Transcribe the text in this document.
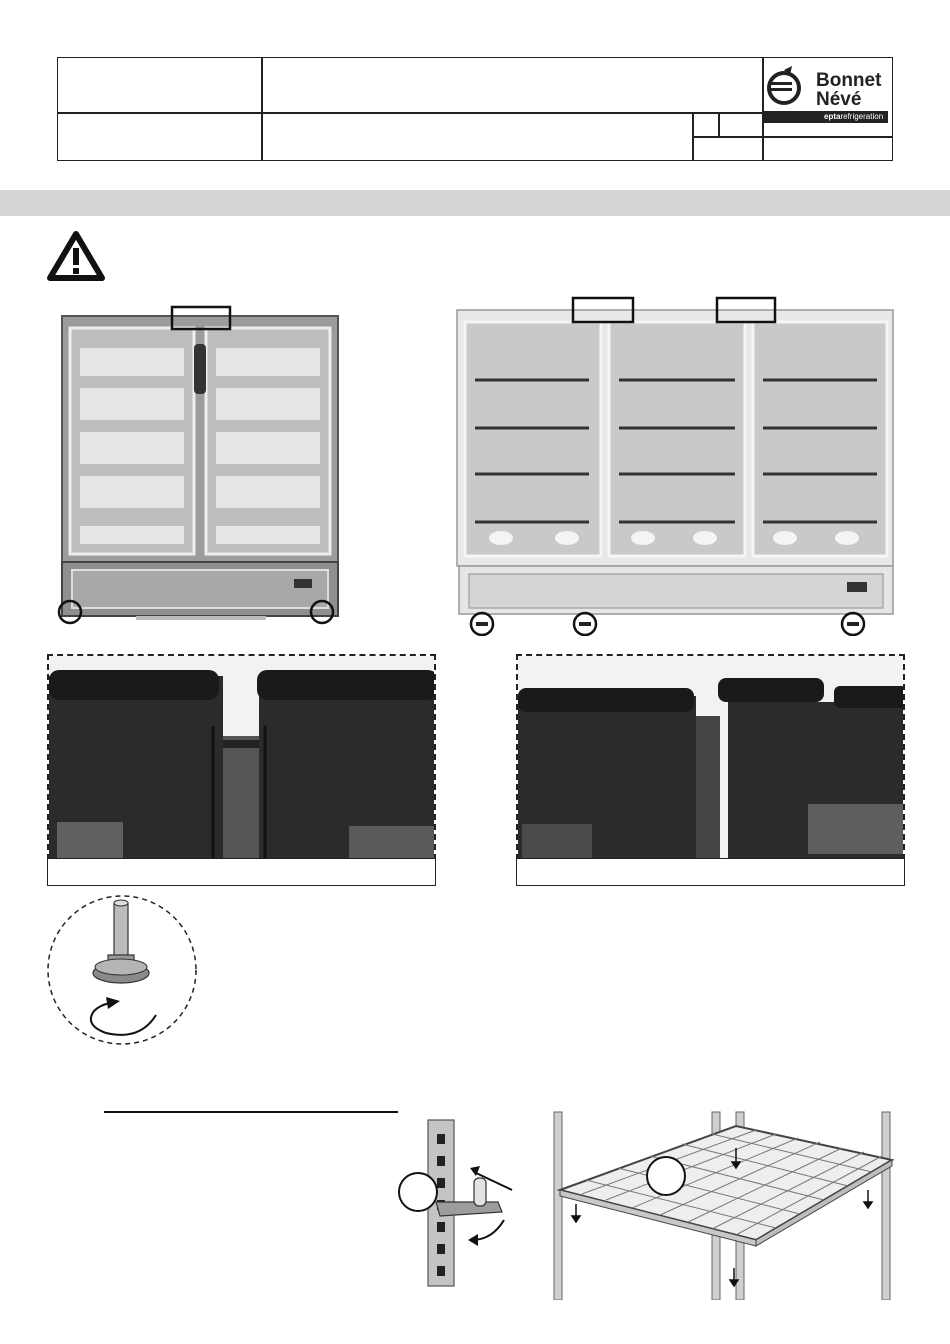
Bonnet
Névé
eptarefrigeration
